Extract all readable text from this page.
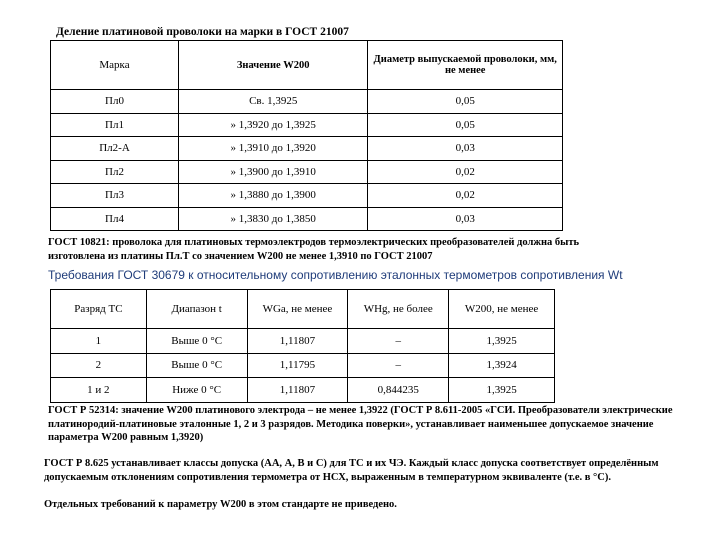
Деление платиновой проволоки на марки в ГОСТ 21007
Марка	Значение W200	Диаметр выпускаемой проволоки, мм, не менее
Пл0	Св. 1,3925	0,05
Пл1	» 1,3920 до 1,3925	0,05
Пл2-А	» 1,3910 до 1,3920	0,03
Пл2	» 1,3900 до 1,3910	0,02
Пл3	» 1,3880 до 1,3900	0,02
Пл4	» 1,3830 до 1,3850	0,03
ГОСТ 10821: проволока для платиновых термоэлектродов термоэлектрических преобразователей должна быть изготовлена из платины Пл.Т со значением W200 не менее 1,3910 по ГОСТ 21007
Требования ГОСТ 30679 к относительному сопротивлению эталонных термометров сопротивления Wt
Разряд ТС	Диапазон t	WGa, не менее	WHg, не более	W200, не менее
1	Выше 0 °С	1,11807	–	1,3925
2	Выше 0 °С	1,11795	–	1,3924
1 и 2	Ниже 0 °С	1,11807	0,844235	1,3925
ГОСТ Р 52314: значение W200 платинового электрода – не менее 1,3922 (ГОСТ Р 8.611-2005 «ГСИ. Преобразователи электрические платинородий-платиновые эталонные 1, 2 и 3 разрядов. Методика поверки», устанавливает наименьшее допускаемое значение параметра W200 равным 1,3920)
ГОСТ Р 8.625 устанавливает классы допуска (АА, А, В и С) для ТС и их ЧЭ. Каждый класс допуска соответствует определённым допускаемым отклонениям сопротивления термометра от НСХ, выраженным в температурном эквиваленте (т.е. в °С).
Отдельных требований к параметру W200 в этом стандарте не приведено.
